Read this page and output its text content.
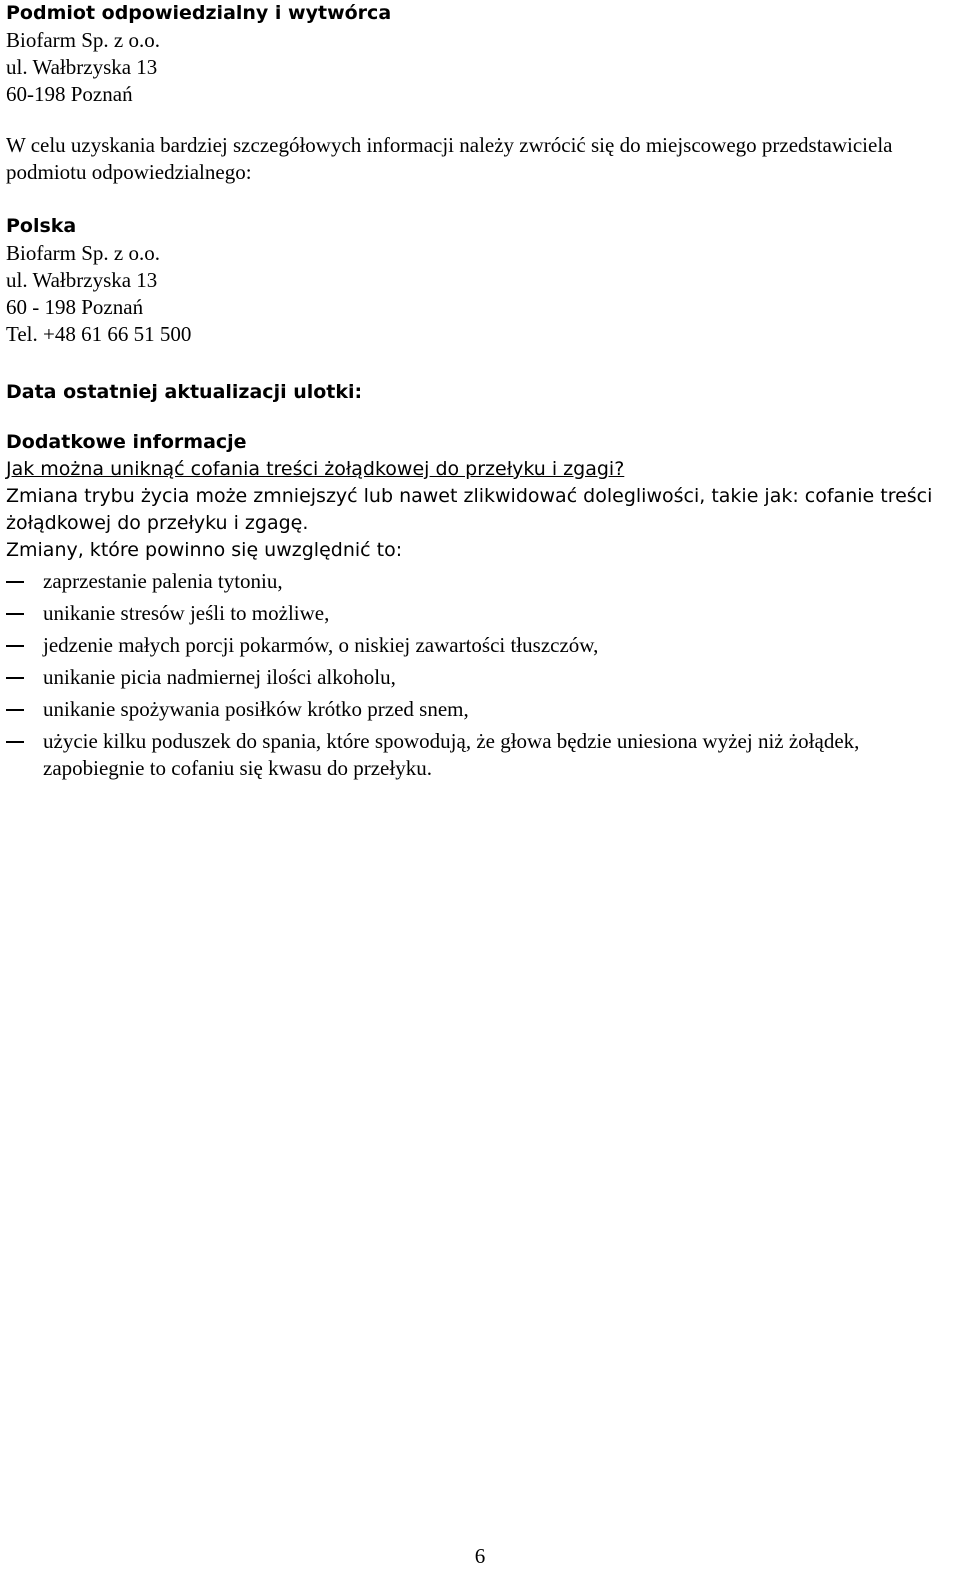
Podmiot odpowiedzialny i wytwórca
Biofarm Sp. z o.o.
ul. Wałbrzyska 13
60-198 Poznań
W celu uzyskania bardziej szczegółowych informacji należy zwrócić się do miejscowego przedstawiciela podmiotu odpowiedzialnego:
Polska
Biofarm Sp. z o.o.
ul. Wałbrzyska 13
60 - 198 Poznań
Tel. +48 61 66 51 500
Data ostatniej aktualizacji ulotki:
Dodatkowe informacje
Jak można uniknąć cofania treści żołądkowej do przełyku i zgagi?
Zmiana trybu życia może zmniejszyć lub nawet zlikwidować dolegliwości, takie jak: cofanie treści żołądkowej do przełyku i zgagę.
Zmiany, które powinno się uwzględnić to:
zaprzestanie palenia tytoniu,
unikanie stresów jeśli to możliwe,
jedzenie małych porcji pokarmów, o niskiej zawartości tłuszczów,
unikanie picia nadmiernej ilości alkoholu,
unikanie spożywania posiłków krótko przed snem,
użycie kilku poduszek do spania, które spowodują, że głowa będzie uniesiona wyżej niż żołądek, zapobiegnie to cofaniu się kwasu do przełyku.
6
